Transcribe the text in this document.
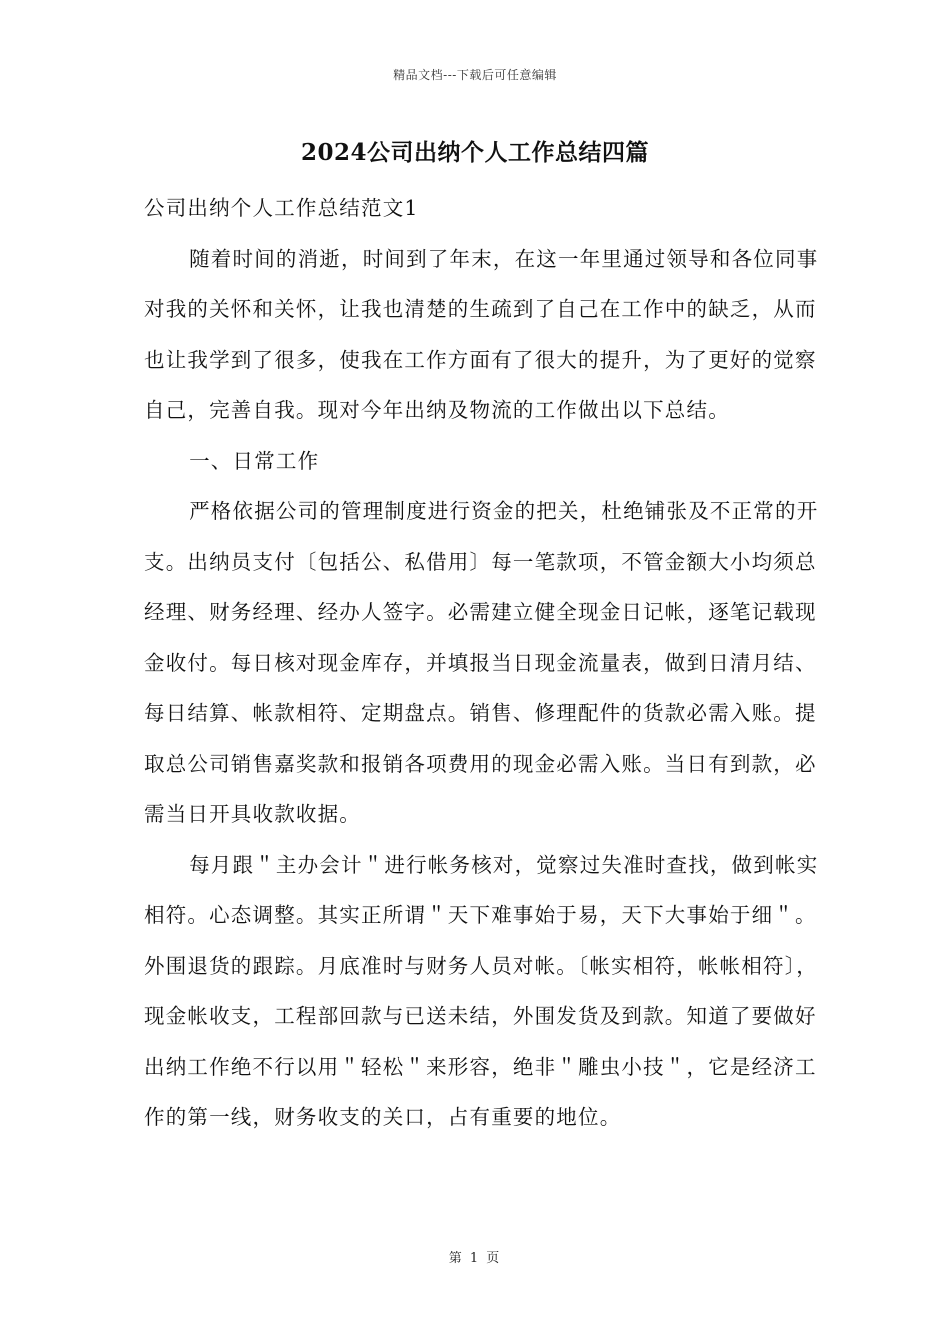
精品文档---下载后可任意编辑
2024公司出纳个人工作总结四篇

公司出纳个人工作总结范文1

随着时间的消逝，时间到了年末，在这一年里通过领导和各位同事对我的关怀和关怀，让我也清楚的生疏到了自己在工作中的缺乏，从而也让我学到了很多，使我在工作方面有了很大的提升，为了更好的觉察自己，完善自我。现对今年出纳及物流的工作做出以下总结。

一、日常工作

严格依据公司的管理制度进行资金的把关，杜绝铺张及不正常的开支。出纳员支付〔包括公、私借用〕每一笔款项，不管金额大小均须总经理、财务经理、经办人签字。必需建立健全现金日记帐，逐笔记载现金收付。每日核对现金库存，并填报当日现金流量表，做到日清月结、每日结算、帐款相符、定期盘点。销售、修理配件的货款必需入账。提取总公司销售嘉奖款和报销各项费用的现金必需入账。当日有到款，必需当日开具收款收据。

每月跟＂主办会计＂进行帐务核对，觉察过失准时查找，做到帐实相符。心态调整。其实正所谓＂天下难事始于易，天下大事始于细＂。外围退货的跟踪。月底准时与财务人员对帐。〔帐实相符，帐帐相符〕，现金帐收支，工程部回款与已送未结，外围发货及到款。知道了要做好出纳工作绝不行以用＂轻松＂来形容，绝非＂雕虫小技＂，它是经济工作的第一线，财务收支的关口，占有重要的地位。

第 1 页
